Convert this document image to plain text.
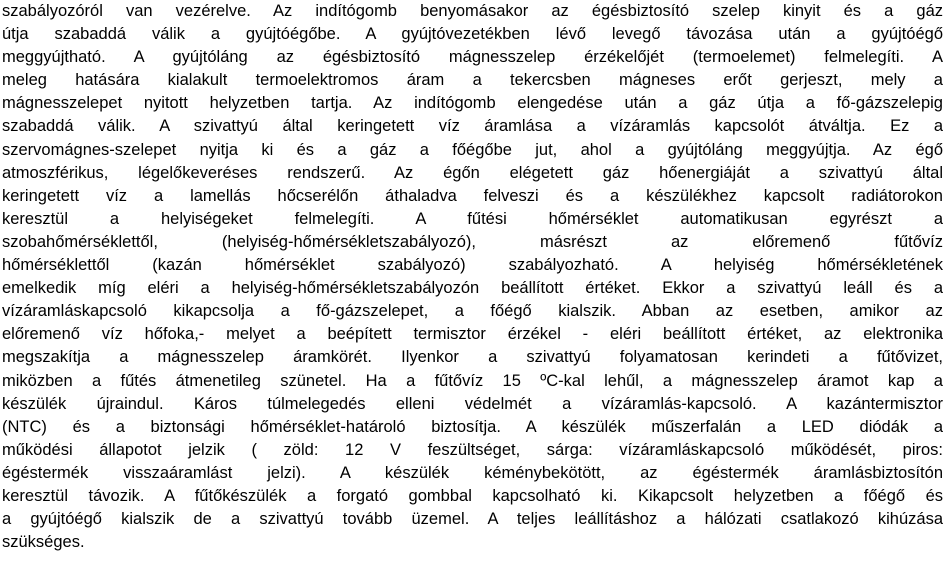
szabályozóról van vezérelve. Az indítógomb benyomásakor az égésbiztosító szelep kinyit és a gáz
útja szabaddá válik a gyújtóégőbe. A gyújtóvezetékben lévő levegő távozása után a gyújtóégő
meggyújtható. A gyújtóláng az égésbiztosító mágnesszelep érzékelőjét (termoelemet) felmelegíti. A
meleg hatására kialakult termoelektromos áram a tekercsben mágneses erőt gerjeszt, mely a
mágnesszelepet nyitott helyzetben tartja. Az indítógomb elengedése után a gáz útja a fő-gázszelepig
szabaddá válik. A szivattyú által keringetett víz áramlása a vízáramlás kapcsolót átváltja. Ez a
szervomágnes-szelepet nyitja ki és a gáz a főégőbe jut, ahol a gyújtóláng meggyújtja. Az égő
atmoszférikus, légelőkeveréses rendszerű. Az égőn elégetett gáz hőenergiáját a szivattyú által
keringetett víz a lamellás hőcserélőn áthaladva felveszi és a készülékhez kapcsolt radiátorokon
keresztül a helyiségeket felmelegíti. A fűtési hőmérséklet automatikusan egyrészt a
szobahőmérséklettől, (helyiség-hőmérsékletszabályozó), másrészt az előremenő fűtővíz
hőmérséklettől (kazán hőmérséklet szabályozó) szabályozható. A helyiség hőmérsékletének
emelkedik míg eléri a helyiség-hőmérsékletszabályozón beállított értéket. Ekkor a szivattyú leáll és a
vízáramláskapcsoló kikapcsolja a fő-gázszelepet, a főégő kialszik. Abban az esetben, amikor az
előremenő víz hőfoka,- melyet a beépített termisztor érzékel - eléri beállított értéket, az elektronika
megszakítja a mágnesszelep áramkörét. Ilyenkor a szivattyú folyamatosan kerindeti a fűtővizet,
miközben a fűtés átmenetileg szünetel. Ha a fűtővíz 15 ºC-kal lehűl, a mágnesszelep áramot kap a
készülék újraindul. Káros túlmelegedés elleni védelmét a vízáramlás-kapcsoló. A kazántermisztor
(NTC) és a biztonsági hőmérséklet-határoló biztosítja. A készülék műszerfalán a LED diódák a
működési állapotot jelzik ( zöld: 12 V feszültséget, sárga: vízáramláskapcsoló működését, piros:
égéstermék visszaáramlást jelzi). A készülék kéménybekötött, az égéstermék áramlásbiztosítón
keresztül távozik. A fűtőkészülék a forgató gombbal kapcsolható ki. Kikapcsolt helyzetben a főégő és
a gyújtóégő kialszik de a szivattyú tovább üzemel. A teljes leállításhoz a hálózati csatlakozó kihúzása
szükséges.
